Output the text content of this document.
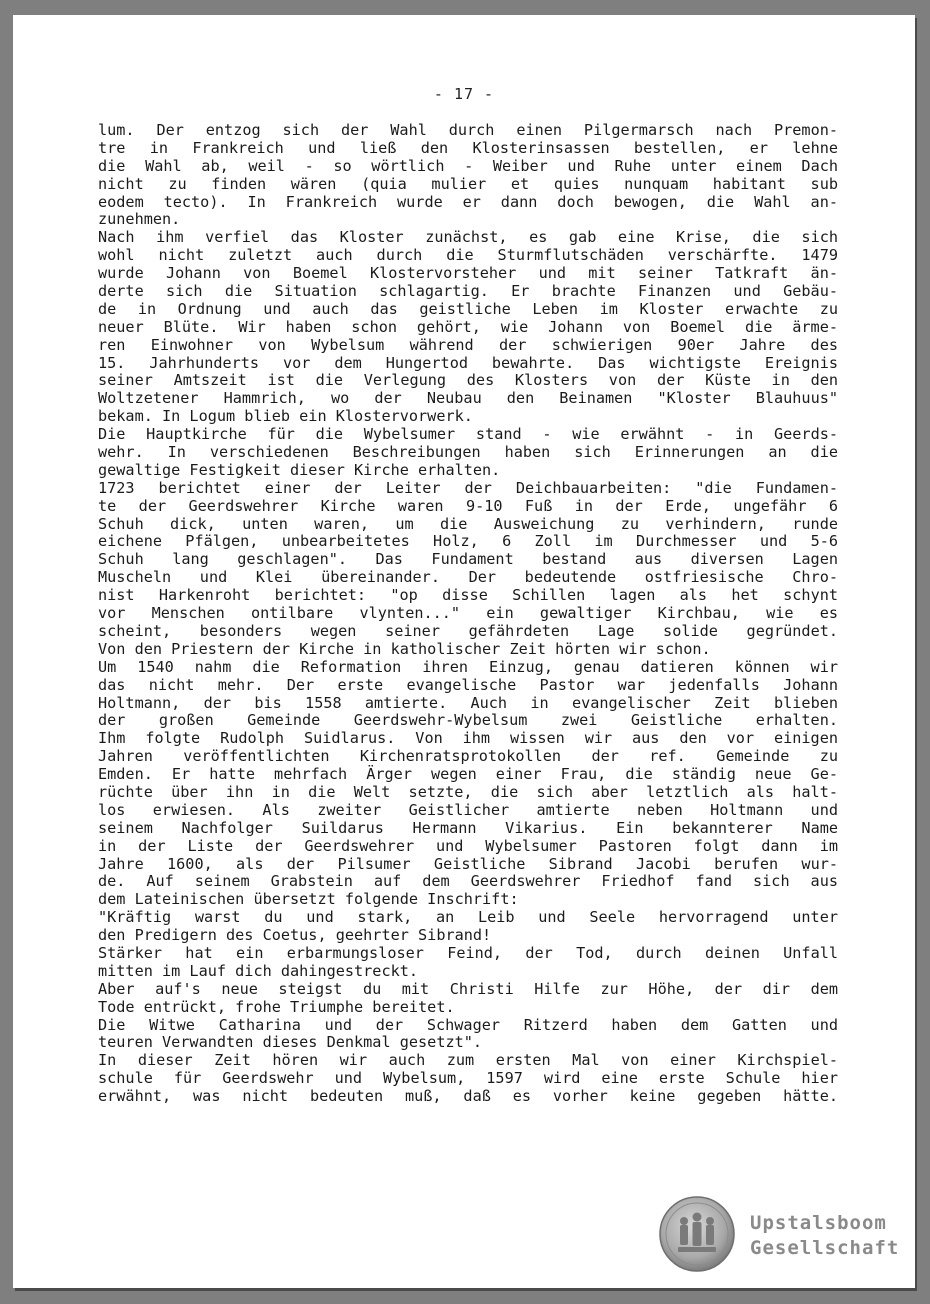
- 17 -
lum. Der entzog sich der Wahl durch einen Pilgermarsch nach Premon-
tre in Frankreich und ließ den Klosterinsassen bestellen, er lehne
die Wahl ab, weil - so wörtlich - Weiber und Ruhe unter einem Dach
nicht zu finden wären (quia mulier et quies nunquam habitant sub
eodem tecto). In Frankreich wurde er dann doch bewogen, die Wahl an-
zunehmen.
Nach ihm verfiel das Kloster zunächst, es gab eine Krise, die sich
wohl nicht zuletzt auch durch die Sturmflutschäden verschärfte. 1479
wurde Johann von Boemel Klostervorsteher und mit seiner Tatkraft än-
derte sich die Situation schlagartig. Er brachte Finanzen und Gebäu-
de in Ordnung und auch das geistliche Leben im Kloster erwachte zu
neuer Blüte. Wir haben schon gehört, wie Johann von Boemel die ärme-
ren Einwohner von Wybelsum während der schwierigen 90er Jahre des
15. Jahrhunderts vor dem Hungertod bewahrte. Das wichtigste Ereignis
seiner Amtszeit ist die Verlegung des Klosters von der Küste in den
Woltzetener Hammrich, wo der Neubau den Beinamen "Kloster Blauhuus"
bekam. In Logum blieb ein Klostervorwerk.
Die Hauptkirche für die Wybelsumer stand - wie erwähnt - in Geerds-
wehr. In verschiedenen Beschreibungen haben sich Erinnerungen an die
gewaltige Festigkeit dieser Kirche erhalten.
1723 berichtet einer der Leiter der Deichbauarbeiten: "die Fundamen-
te der Geerdswehrer Kirche waren 9-10 Fuß in der Erde, ungefähr 6
Schuh dick, unten waren, um die Ausweichung zu verhindern, runde
eichene Pfälgen, unbearbeitetes Holz, 6 Zoll im Durchmesser und 5-6
Schuh lang geschlagen". Das Fundament bestand aus diversen Lagen
Muscheln und Klei übereinander. Der bedeutende ostfriesische Chro-
nist Harkenroht berichtet: "op disse Schillen lagen als het schynt
vor Menschen ontilbare vlynten..." ein gewaltiger Kirchbau, wie es
scheint, besonders wegen seiner gefährdeten Lage solide gegründet.
Von den Priestern der Kirche in katholischer Zeit hörten wir schon.
Um 1540 nahm die Reformation ihren Einzug, genau datieren können wir
das nicht mehr. Der erste evangelische Pastor war jedenfalls Johann
Holtmann, der bis 1558 amtierte. Auch in evangelischer Zeit blieben
der großen Gemeinde Geerdswehr-Wybelsum zwei Geistliche erhalten.
Ihm folgte Rudolph Suidlarus. Von ihm wissen wir aus den vor einigen
Jahren veröffentlichten Kirchenratsprotokollen der ref. Gemeinde zu
Emden. Er hatte mehrfach Ärger wegen einer Frau, die ständig neue Ge-
rüchte über ihn in die Welt setzte, die sich aber letztlich als halt-
los erwiesen. Als zweiter Geistlicher amtierte neben Holtmann und
seinem Nachfolger Suildarus Hermann Vikarius. Ein bekannterer Name
in der Liste der Geerdswehrer und Wybelsumer Pastoren folgt dann im
Jahre 1600, als der Pilsumer Geistliche Sibrand Jacobi berufen wur-
de. Auf seinem Grabstein auf dem Geerdswehrer Friedhof fand sich aus
dem Lateinischen übersetzt folgende Inschrift:
"Kräftig warst du und stark, an Leib und Seele hervorragend unter
den Predigern des Coetus, geehrter Sibrand!
Stärker hat ein erbarmungsloser Feind, der Tod, durch deinen Unfall
mitten im Lauf dich dahingestreckt.
Aber auf's neue steigst du mit Christi Hilfe zur Höhe, der dir dem
Tode entrückt, frohe Triumphe bereitet.
Die Witwe Catharina und der Schwager Ritzerd haben dem Gatten und
teuren Verwandten dieses Denkmal gesetzt".
In dieser Zeit hören wir auch zum ersten Mal von einer Kirchspiel-
schule für Geerdswehr und Wybelsum, 1597 wird eine erste Schule hier
erwähnt, was nicht bedeuten muß, daß es vorher keine gegeben hätte.
Upstalsboom
Gesellschaft
